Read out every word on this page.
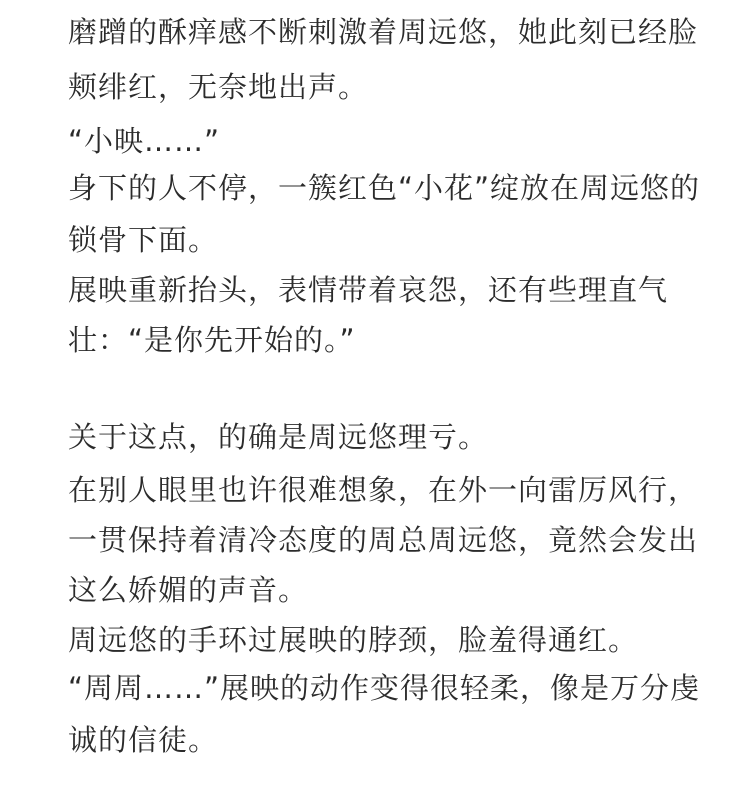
磨蹭的酥痒感不断刺激着周远悠，她此刻已经脸

颊绯红，无奈地出声。

“小映……”

身下的人不停，一簇红色“小花”绽放在周远悠的

锁骨下面。

展映重新抬头，表情带着哀怨，还有些理直气

壮：“是你先开始的。”

关于这点，的确是周远悠理亏。

在别人眼里也许很难想象，在外一向雷厉风行，

一贯保持着清冷态度的周总周远悠，竟然会发出

这么娇媚的声音。

周远悠的手环过展映的脖颈，脸羞得通红。

“周周……”展映的动作变得很轻柔，像是万分虔

诚的信徒。
